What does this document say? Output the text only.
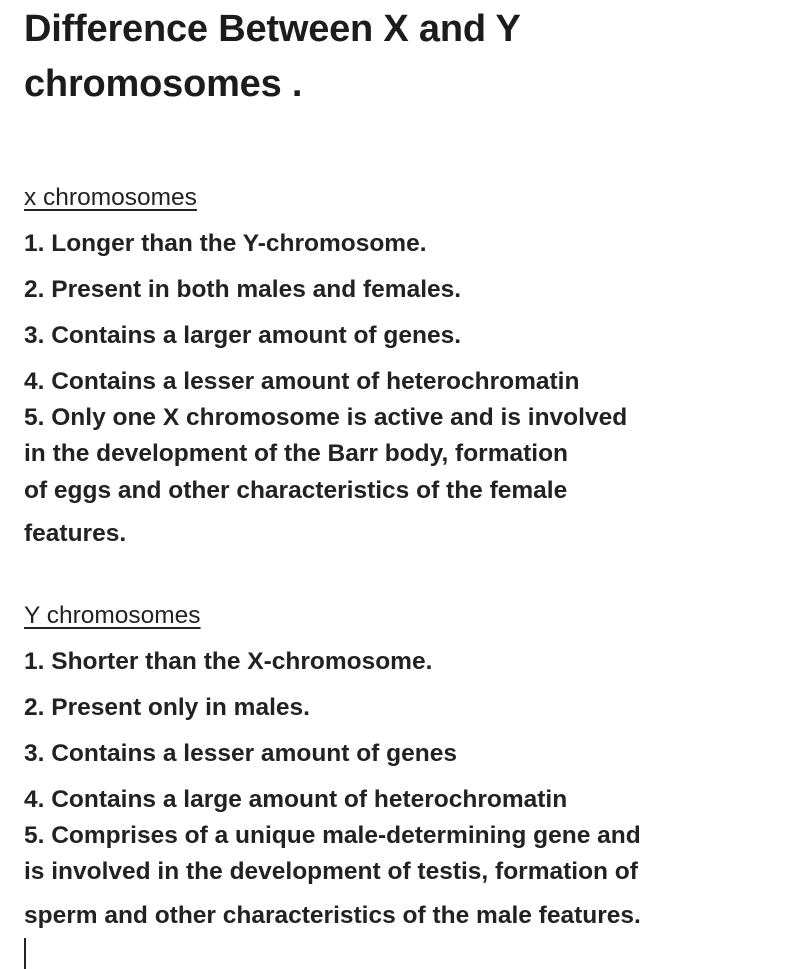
Difference Between X and Y chromosomes .
x chromosomes
1. Longer than the Y-chromosome.
2. Present in both males and females.
3. Contains a larger amount of genes.
4. Contains a lesser amount of heterochromatin
5. Only one X chromosome is active and is involved
in the development of the Barr body, formation
of eggs and other characteristics of the female
features.
Y chromosomes
1. Shorter than the X-chromosome.
2. Present only in males.
3. Contains a lesser amount of genes
4. Contains a large amount of heterochromatin
5. Comprises of a unique male-determining gene and
is involved in the development of testis, formation of
sperm and other characteristics of the male features.
